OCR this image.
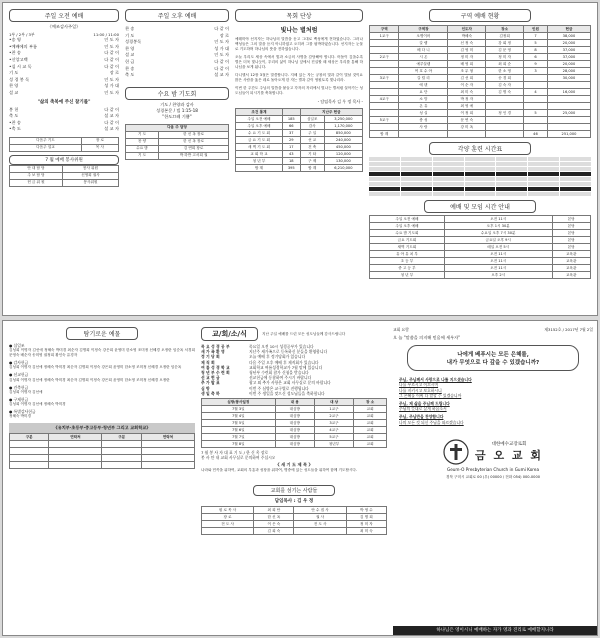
주일 오전 예배
《예조감사주일》
1부 / 2부 / 3부	11:00 / 11:00
•송 영	인 도 자
•예배에의 부름	인 도 자
•찬 송	다 같 이
•신앙고백	다 같 이
•십 시 교 독	다 같 이
기 도	장 로
성 경 봉 독	인 도 자
찬 양	성 가 대
설 교	인 도 자
"삶의 축복에 주신 찰기를"
봉 헌	다 같 이
축 도	설 교 자
•찬 송	다 같 이
•축 도	설 교 자
다음주 기도	장 로
다음주 설교	목 사
7 월 예배 봉사위원
안 내 담 당	봉사 위원
주 보 담 당	신영희 권사
헌 금 위 원	봉사위원
주일 오후 예배
찬 송	다 같 이
기 도	장 로
성경봉독	인 도 자
찬 양	성 가 대
설 교	인 도 자
헌 금	다 같 이
찬 송	다 같 이
축 도	설 교 자
수요 밤 기도회
기도 / 찬양과 감사
성경본문 / 빌 1:15-18
"한도끄레 기쁨"
다음 주 담당	
기 도	한 신 옥 장로
찬 양	한 신 옥 장로
수요 밤	김 연희 장로
기 도	박 하반 고서희 권
목회 단상
빛나는 별처럼
예레미야 선지자는 하나님의 말씀을 듣고 그대로 백성에게 전하였습니다. 그러나 백성들은 그의 말을 듣지 아니하였고 오히려 그를 핍박하였습니다. 선지자는 눈물로 기도하며 하나님의 뜻을 전하였습니다.
오늘 우리도 세상 속에서 빛과 소금의 사명을 감당해야 합니다. 어둠이 깊을수록 별은 더욱 빛나듯이, 우리의 삶이 하나님 앞에서 진실할 때 세상은 우리를 통해 하나님을 보게 됩니다.
다니엘서 12장 3절은 말씀합니다. 지혜 있는 자는 궁창의 빛과 같이 빛날 것이요 많은 사람을 옳은 데로 돌아오게 한 자는 별과 같이 영원토록 빛나리라.
이번 한 주간도 주님의 말씀을 붙들고 각자의 자리에서 빛나는 별처럼 살아가는 성도님들이 되시기를 축복합니다.
- 담임목사 김 우 정 목사 -
조건 통계		지난주 헌금	
주일 오전 예배	185	십일조	3,250,000
주일 오후 예배	66	감사	1,170,000
수 요 기 도 회	37	주 일	850,000
금 요 기 도 회	29	선 교	240,000
새 벽 기 도 회	17	건 축	450,000
교 회 학 교	43	기 타	120,000
청 년 부	18	구 제	130,000
합 계	395	합 계	6,210,000
구역 예배 현황
구역	구역장	인도자	장소	인원	헌금
1교구	오병이어	박혜숙	김정희	7	38,000
	갈 렙	신 정 숙	강 회 정	5	20,000
	베 다 니	김 영 미	김 문 영	8	37,000
2교구	시 온	정 미 자	정 미 자	6	37,000
	예루살렘	배 영 희	최 희 순	9	20,000
	여 호 수 아	조 무 형	한 소 영	3	28,000
3교구	갈 릴 리	김 선 희	송 경 희		30,000
	에 덴	이 순 자	김 숙 자		
	요 단	최 미 숙	김 명 숙	4	16,000
4교구	소 망	박 정 자			
	온 유	최 영 애			
	성 실	이 정 희	정 인 경	5	25,000
5교구	충 성	문 연 숙			
	사 랑	강 미 옥			
합 계				46	251,000
각양 훈련 시간표
예배 및 모임 시간 안내
주일 오전 예배	오전 11시	본당
주일 오후 예배	오후 1시 30분	본당
수요 밤 기도회	수요일 오후 7시 30분	본당
금요 기도회	금요일 오후 9시	본당
새벽 기도회	매일 오전 5시	본당
유 아 유 치 부	오전 11시	교육관
초 등 부	오전 11시	교육관
중 고 등 부	오전 11시	교육관
청 년 부	오후 2시	교육관
탐기로운 예물
● 십일조
김성희 이명자 김선애 정혜숙 박미경 최순자 김명희 이정숙 강은희 윤영미 한소영 조미정 신혜경 오정란 임순옥 서경희 문영숙 배순자 송미영 권정희 황인숙 유경자
● 감사헌금
김성희 이명자 김선애 정혜숙 박미경 최순자 김명희 이정숙 강은희 윤영미 한소영 조미정 신혜경 오정란 임순옥
● 선교헌금
김성희 이명자 김선애 정혜숙 박미경 최순자 김명희 이정숙 강은희 윤영미 한소영 조미정 신혜경 오정란
● 건축헌금
김성희 이명자 김선애
● 구제헌금
김성희 이명자 김선애 정혜숙 박미경
● 특별감사헌금
정혜숙 박미경
《유치부·초등부·중고등부·청년부 그리고 교회학교》
구분	연락처	구분	연락처

교/회/소/식	지난 주일 예배를 드린 모든 성도님들께 감사드립니다
목 요 성 경 공 부	목요일 오전 10시 성경공부가 있습니다
새 가 족 환 영	지난주 새가족으로 등록하신 분들을 환영합니다
정 기 당 회	오늘 예배 후 정기당회가 있습니다
제 직 회	다음 주일 오후 예배 후 제직회가 있습니다
여 름 성 경 학 교	교회학교 여름성경학교가 7월 말에 있습니다
청 년 부 수 련 회	청년부 수련회 참가 신청을 받습니다
선 교 헌 금	선교헌금에 동참하여 주시기 바랍니다
추 가 발 표	광고 외 추가 사항은 교회 사무실로 문의 바랍니다
심 방	이번 주 심방은 교구별로 진행됩니다
생 일 축 하	이번 주 생일을 맞으신 성도님들을 축하합니다
심방/봉사일정	내 용	대 상	장 소
7월 3일	대심방	1교구	교회
7월 4일	대심방	2교구	교회
7월 5일	대심방	3교구	교회
7월 6일	대심방	4교구	교회
7월 7일	대심방	5교구	교회
7월 8일	대심방	청년부	교회
7 월 봉 사 자 대 표 기 도 / 한 신 옥 장로
봉 사 안 내 교회 사무실로 문의하여 주십시오
《 새 기 도 제 목 》
나라와 민족을 위하여, 교회의 부흥과 성장을 위하여, 병중에 있는 성도들을 위하여 함께 기도합시다.
교회를 섬기는 사람들
담임목사 : 김 우 정
원 로 목 사	최 희 안	안 수 집 사	박 영 수
장 로	한 신 옥	권 사	김 명 희
전 도 사	이 은 숙	전 도 사	정 미 자
	김 희 숙		최 미 숙
교회 요람	제3152호 / 2017년 7월 2일
오 늘 "말씀을 의지해 믿음에 세우자"
나에게 베푸시는 모든 은혜를,
내가 무엇으로 다 갚을 수 있겠습니까?
주님, 주님께서 사랑으로 나를 지으셨습니다
나를 부르시고 이끄시며
나를 지키시고 보호하시니
그 은혜를 어찌 다 말할 수 있겠습니까
주님, 제 삶을 주님께 드립니다
주님의 뜻대로 살게 하옵소서
주님, 주님만을 찬양합니다
나의 모든 것 되신 주님을 따르겠습니다
대한예수교장로회
금 오 교 회
Geum-O Presbyterian Church in Gumi Korea
경북 구미시 교회로 00 (우) 00000 / 전화 054) 000-0000
하나님은 영이시니 예배하는 자가 영과 진리로 예배할지니라
